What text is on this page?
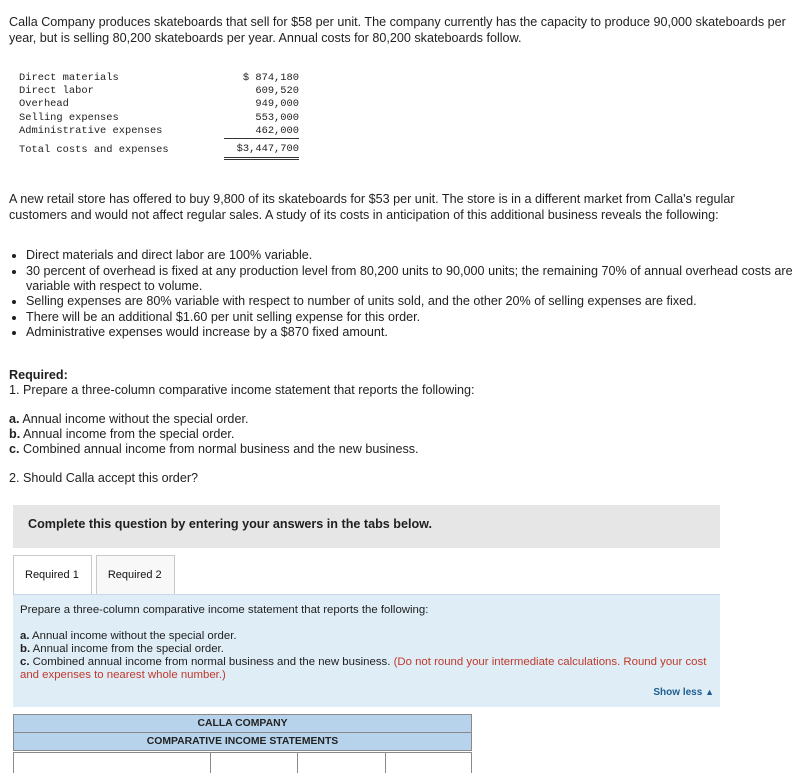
Calla Company produces skateboards that sell for $58 per unit. The company currently has the capacity to produce 90,000 skateboards per year, but is selling 80,200 skateboards per year. Annual costs for 80,200 skateboards follow.
Direct materials	$ 874,180
Direct labor	609,520
Overhead	949,000
Selling expenses	553,000
Administrative expenses	462,000
Total costs and expenses	$3,447,700
A new retail store has offered to buy 9,800 of its skateboards for $53 per unit. The store is in a different market from Calla's regular customers and would not affect regular sales. A study of its costs in anticipation of this additional business reveals the following:
• Direct materials and direct labor are 100% variable.
• 30 percent of overhead is fixed at any production level from 80,200 units to 90,000 units; the remaining 70% of annual overhead costs are variable with respect to volume.
• Selling expenses are 80% variable with respect to number of units sold, and the other 20% of selling expenses are fixed.
• There will be an additional $1.60 per unit selling expense for this order.
• Administrative expenses would increase by a $870 fixed amount.
Required:
1. Prepare a three-column comparative income statement that reports the following:
a. Annual income without the special order.
b. Annual income from the special order.
c. Combined annual income from normal business and the new business.
2. Should Calla accept this order?
Complete this question by entering your answers in the tabs below.
Required 1	Required 2
Prepare a three-column comparative income statement that reports the following:
a. Annual income without the special order.
b. Annual income from the special order.
c. Combined annual income from normal business and the new business. (Do not round your intermediate calculations. Round your cost and expenses to nearest whole number.)
Show less ▲
CALLA COMPANY
COMPARATIVE INCOME STATEMENTS
